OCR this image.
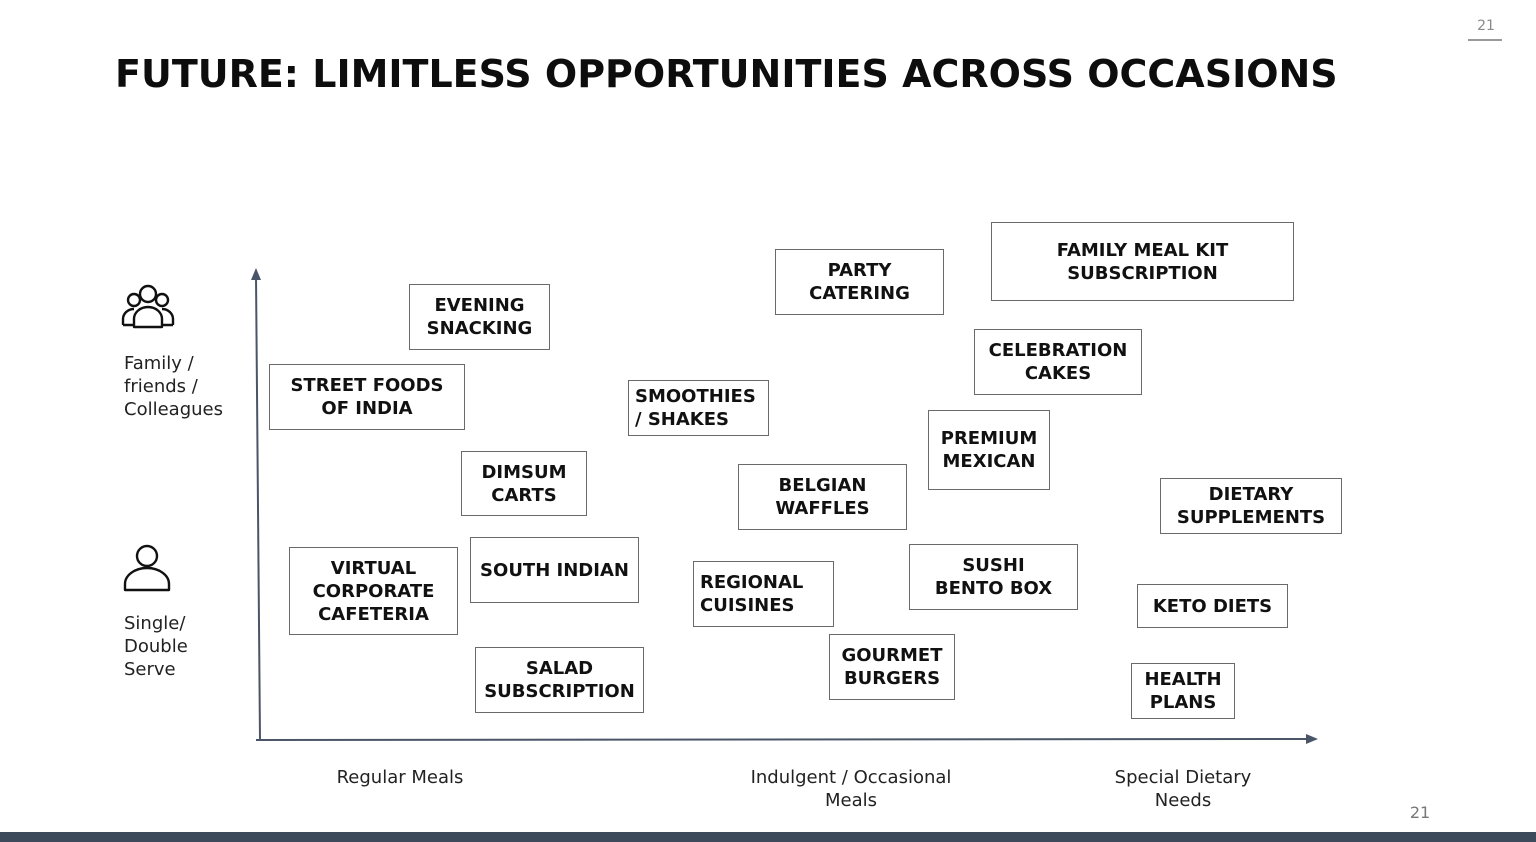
21
FUTURE: LIMITLESS OPPORTUNITIES ACROSS OCCASIONS
Family / friends / Colleagues
Single/ Double Serve
Regular Meals	Indulgent / Occasional Meals
Special Dietary Needs
EVENING
SNACKING
STREET FOODS
OF INDIA
DIMSUM
CARTS
VIRTUAL
CORPORATE
CAFETERIA
SOUTH INDIAN
SALAD
SUBSCRIPTION
SMOOTHIES
/ SHAKES
PARTY
CATERING
BELGIAN
WAFFLES
REGIONAL
CUISINES
GOURMET
BURGERS
FAMILY MEAL KIT
SUBSCRIPTION
CELEBRATION
CAKES
PREMIUM
MEXICAN
SUSHI
BENTO BOX
DIETARY
SUPPLEMENTS
KETO DIETS
HEALTH
PLANS
21
